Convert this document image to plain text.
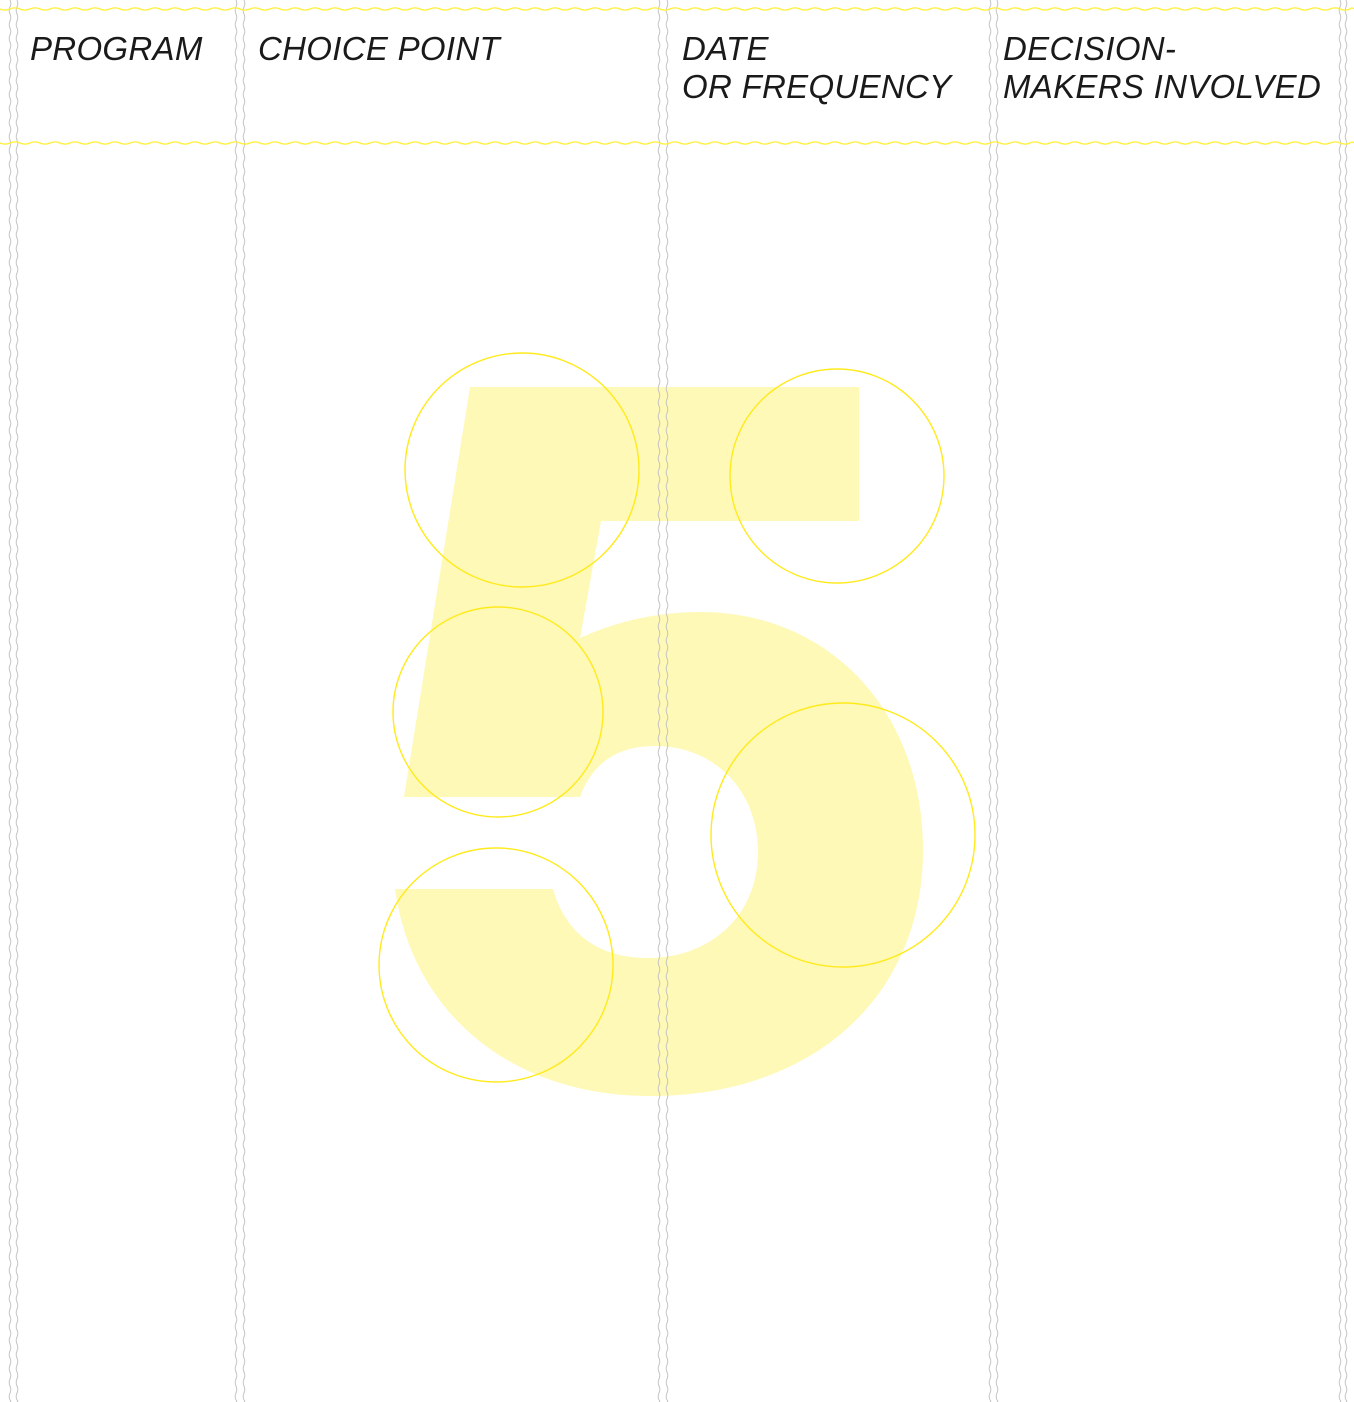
PROGRAM CHOICE POINT	DATE
OR FREQUENCY
DECISION-
MAKERS INVOLVED
